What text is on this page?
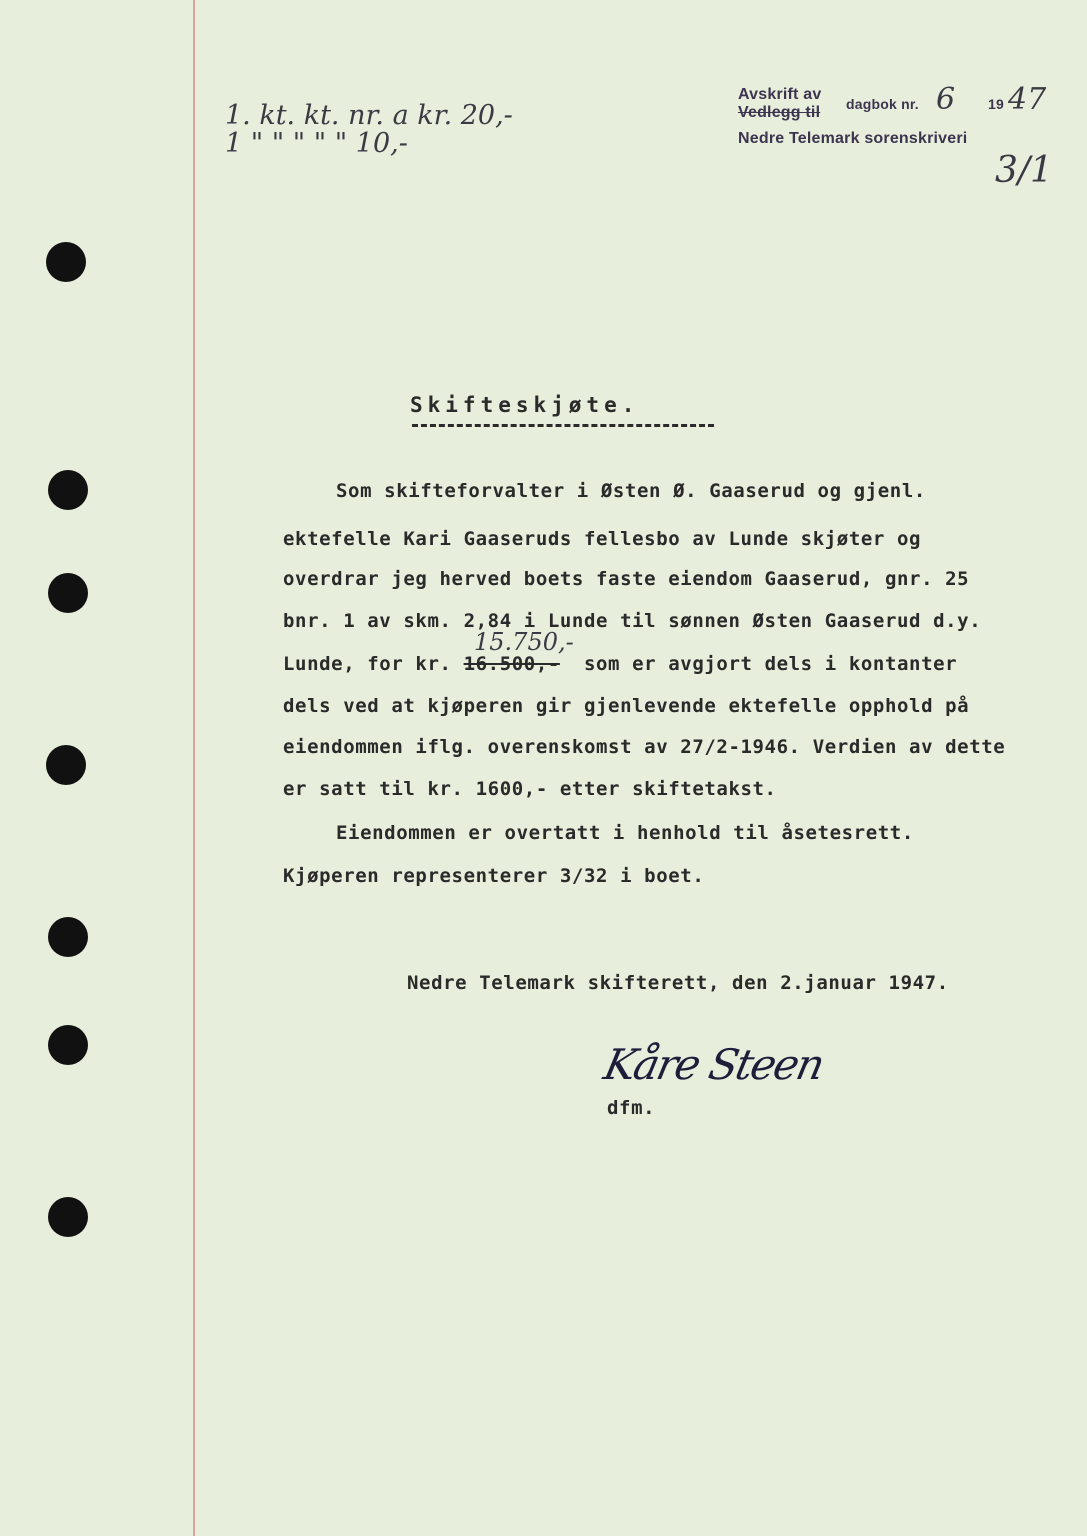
1. kt. kt. nr. a kr. 20,-
1 " " " " " 10,-
Avskrift av
Vedlegg til dagbok nr. 6 19 47
Nedre Telemark sorenskriveri
3/1
Skifteskjøte.
Som skifteforvalter i Østen Ø. Gaaserud og gjenl.
ektefelle Kari Gaaseruds fellesbo av Lunde skjøter og
overdrar jeg herved boets faste eiendom Gaaserud, gnr. 25
bnr. 1 av skm. 2,84 i Lunde til sønnen Østen Gaaserud d.y.
15.750,-
Lunde, for kr. 16.500,-  som er avgjort dels i kontanter
dels ved at kjøperen gir gjenlevende ektefelle opphold på
eiendommen iflg. overenskomst av 27/2-1946. Verdien av dette
er satt til kr. 1600,- etter skiftetakst.
Eiendommen er overtatt i henhold til åsetesrett.
Kjøperen representerer 3/32 i boet.
Nedre Telemark skifterett, den 2.januar 1947.
Kåre Steen
dfm.
